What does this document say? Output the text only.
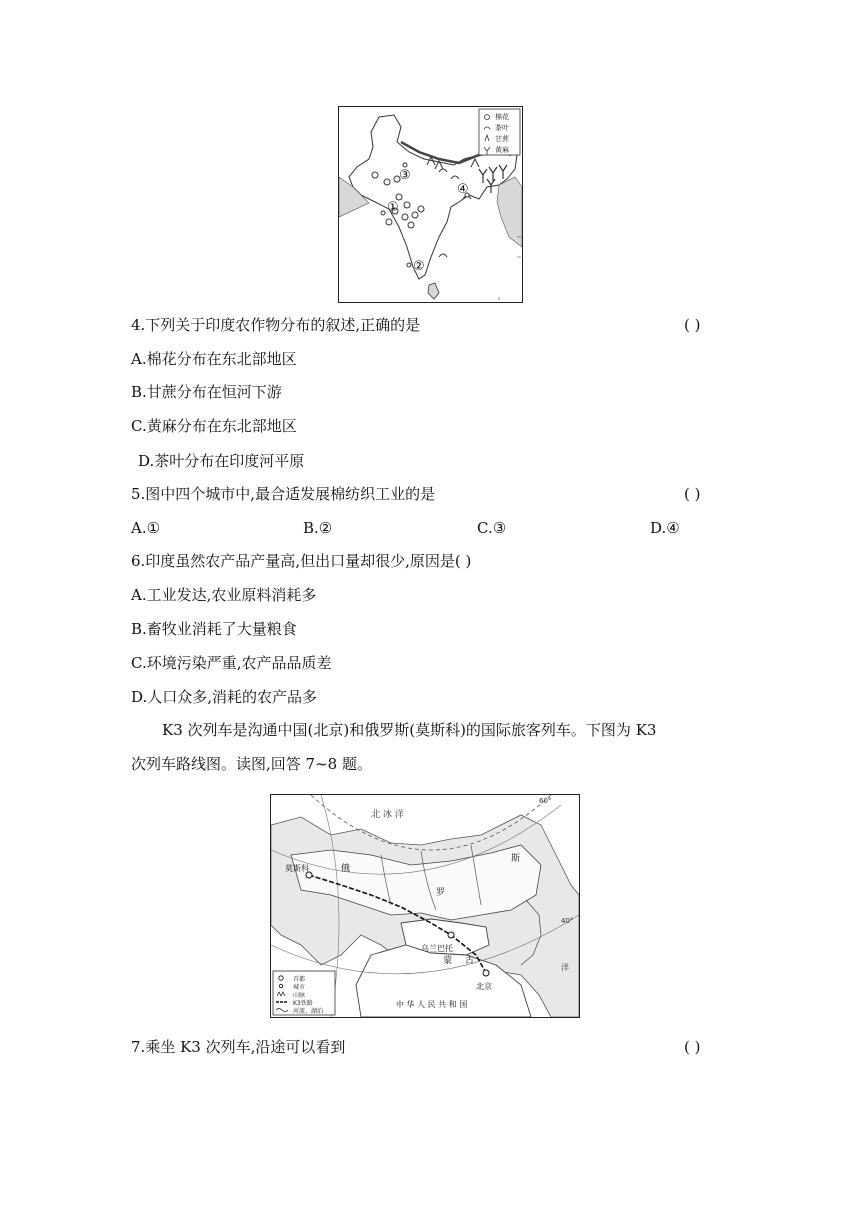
①
②
③
④
棉花
茶叶
甘蔗
黄麻
4.下列关于印度农作物分布的叙述,正确的是	( )
A.棉花分布在东北部地区
B.甘蔗分布在恒河下游
C.黄麻分布在东北部地区
D.茶叶分布在印度河平原
5.图中四个城市中,最合适发展棉纺织工业的是	( )
A.①	B.②	C.③	D.④
6.印度虽然农产品产量高,但出口量却很少,原因是( )
A.工业发达,农业原料消耗多
B.畜牧业消耗了大量粮食
C.环境污染严重,农产品品质差
D.人口众多,消耗的农产品多
K3 次列车是沟通中国(北京)和俄罗斯(莫斯科)的国际旅客列车。下图为 K3
次列车路线图。读图,回答 7~8 题。
北 冰 洋
莫斯科	俄
罗
斯
乌兰巴托
蒙 古
北京
中 华 人 民 共 和 国
60°
40°
洋
首都
城市
山脉
K3铁路
河流、湖泊
7.乘坐 K3 次列车,沿途可以看到	( )
